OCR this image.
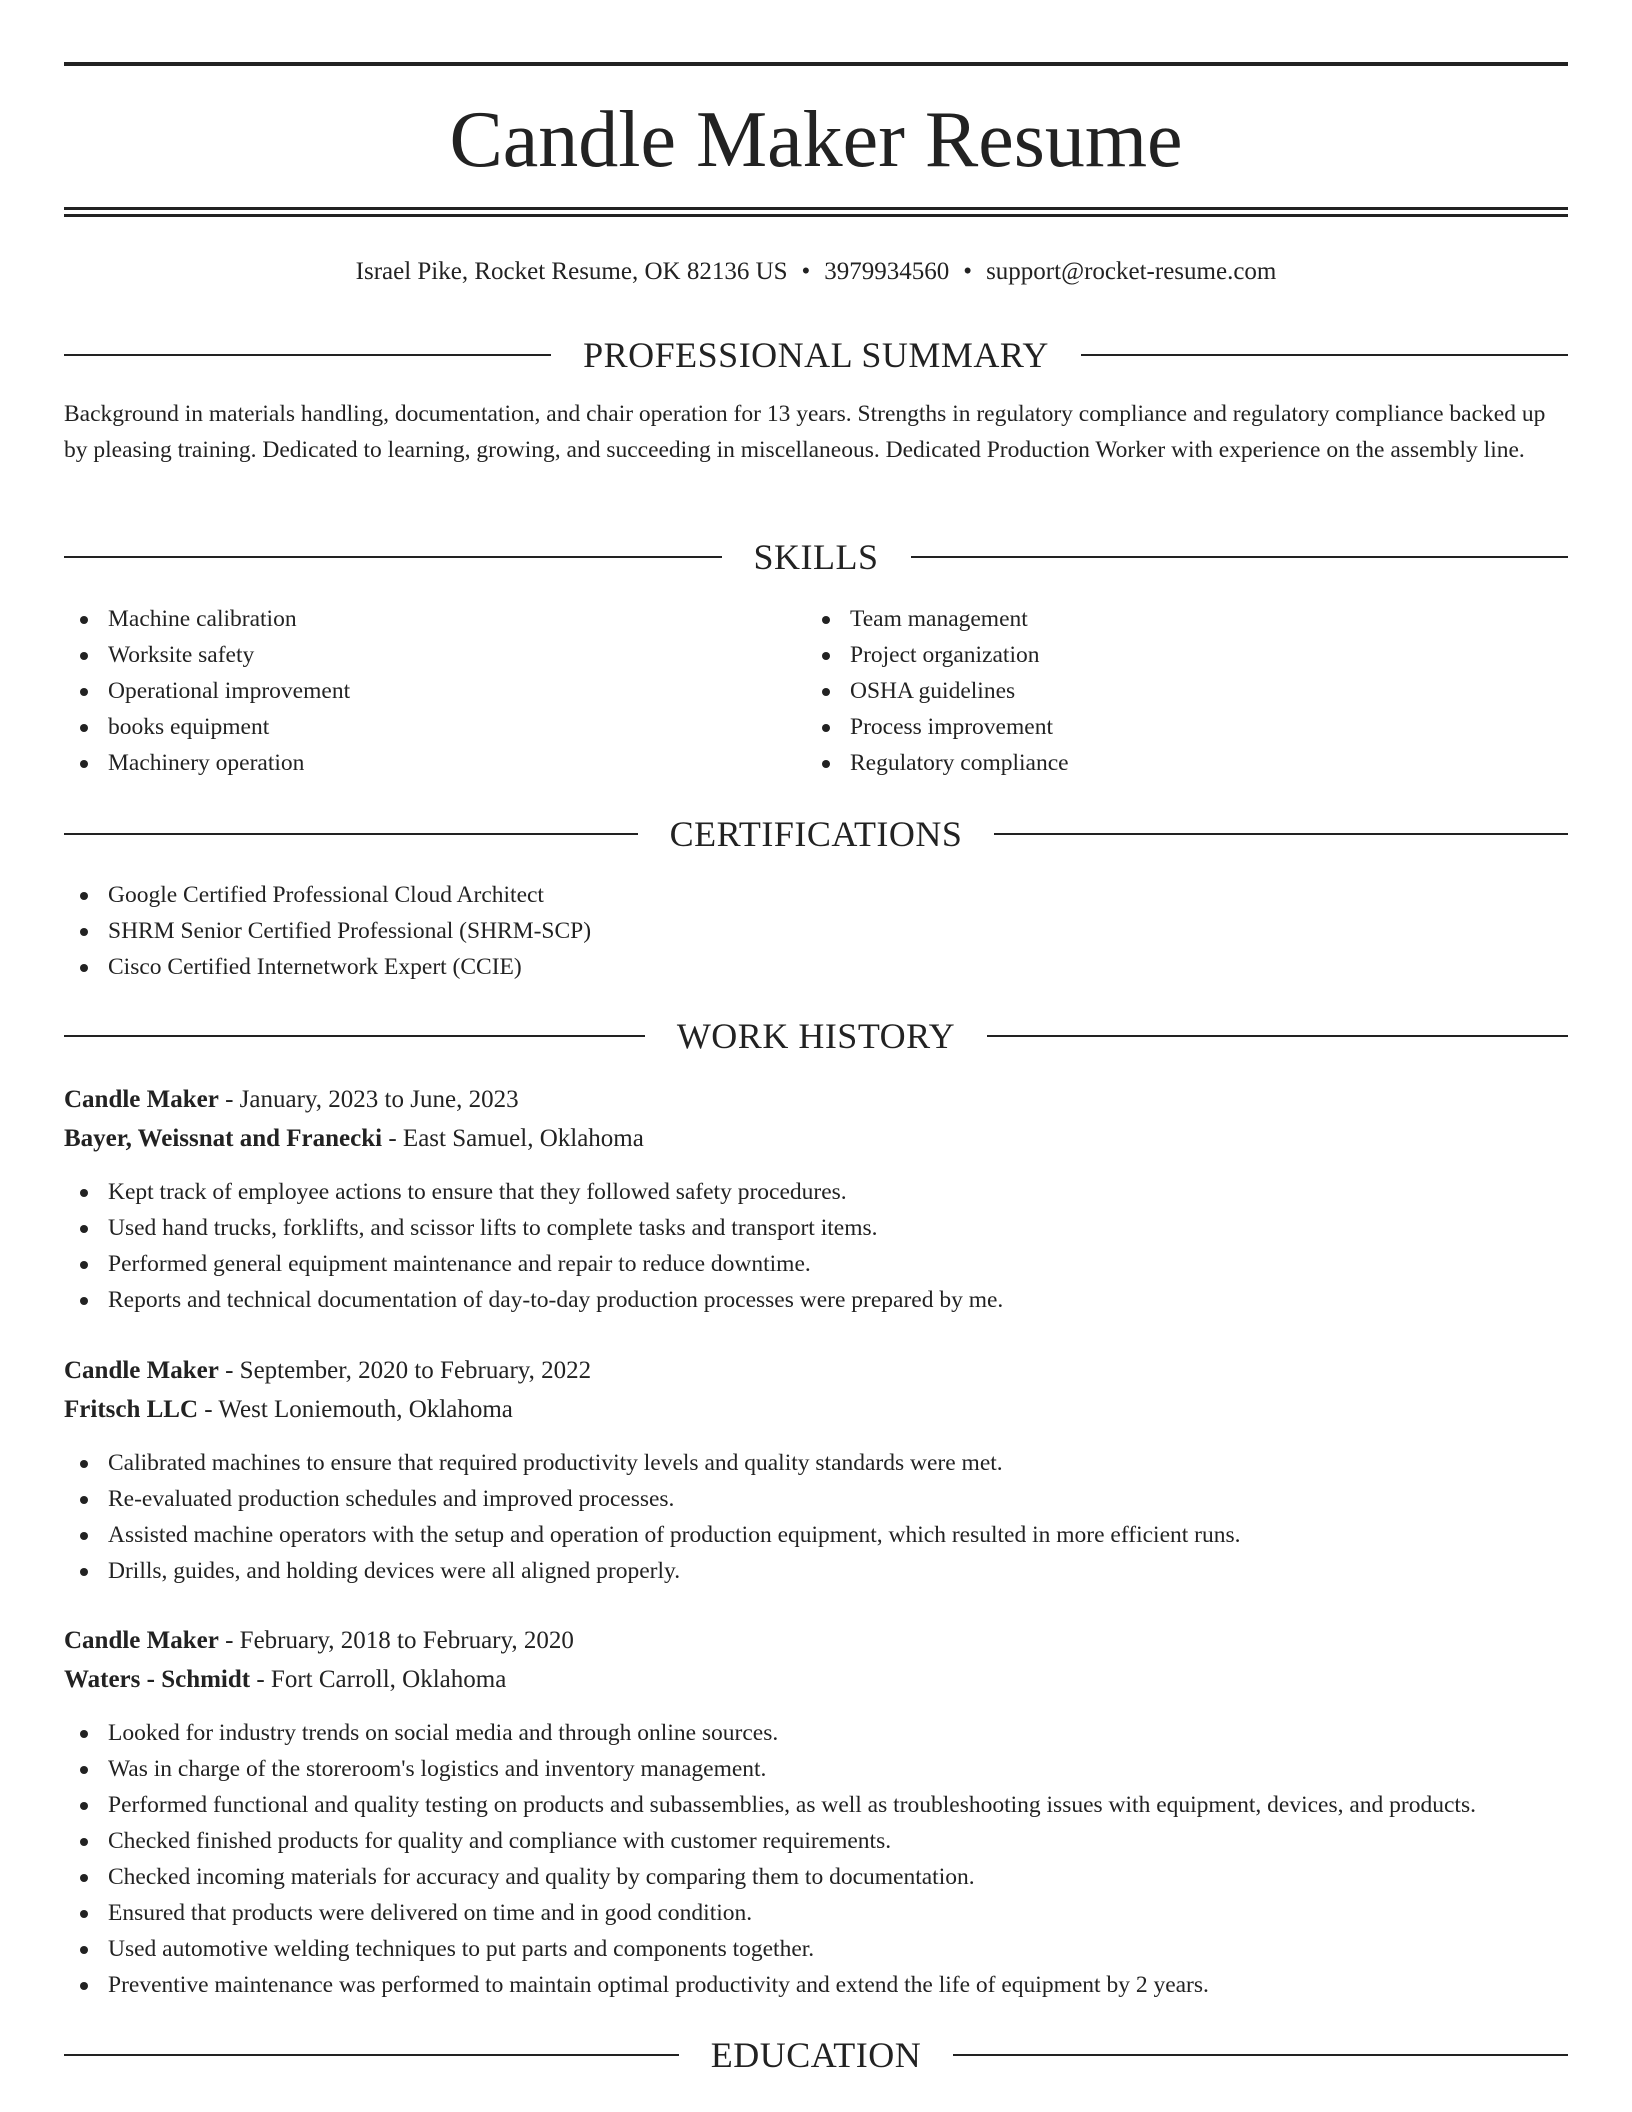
Candle Maker Resume
Israel Pike, Rocket Resume, OK 82136 US • 3979934560 • support@rocket-resume.com
PROFESSIONAL SUMMARY

Background in materials handling, documentation, and chair operation for 13 years. Strengths in regulatory compliance and regulatory compliance backed up by pleasing training. Dedicated to learning, growing, and succeeding in miscellaneous. Dedicated Production Worker with experience on the assembly line.

SKILLS
Machine calibration
Worksite safety
Operational improvement
books equipment
Machinery operation
Team management
Project organization
OSHA guidelines
Process improvement
Regulatory compliance
CERTIFICATIONS
Google Certified Professional Cloud Architect
SHRM Senior Certified Professional (SHRM-SCP)
Cisco Certified Internetwork Expert (CCIE)
WORK HISTORY
Candle Maker - January, 2023 to June, 2023
Bayer, Weissnat and Franecki - East Samuel, Oklahoma
Kept track of employee actions to ensure that they followed safety procedures.
Used hand trucks, forklifts, and scissor lifts to complete tasks and transport items.
Performed general equipment maintenance and repair to reduce downtime.
Reports and technical documentation of day-to-day production processes were prepared by me.
Candle Maker - September, 2020 to February, 2022
Fritsch LLC - West Loniemouth, Oklahoma
Calibrated machines to ensure that required productivity levels and quality standards were met.
Re-evaluated production schedules and improved processes.
Assisted machine operators with the setup and operation of production equipment, which resulted in more efficient runs.
Drills, guides, and holding devices were all aligned properly.
Candle Maker - February, 2018 to February, 2020
Waters - Schmidt - Fort Carroll, Oklahoma
Looked for industry trends on social media and through online sources.
Was in charge of the storeroom's logistics and inventory management.
Performed functional and quality testing on products and subassemblies, as well as troubleshooting issues with equipment, devices, and products.
Checked finished products for quality and compliance with customer requirements.
Checked incoming materials for accuracy and quality by comparing them to documentation.
Ensured that products were delivered on time and in good condition.
Used automotive welding techniques to put parts and components together.
Preventive maintenance was performed to maintain optimal productivity and extend the life of equipment by 2 years.
EDUCATION
